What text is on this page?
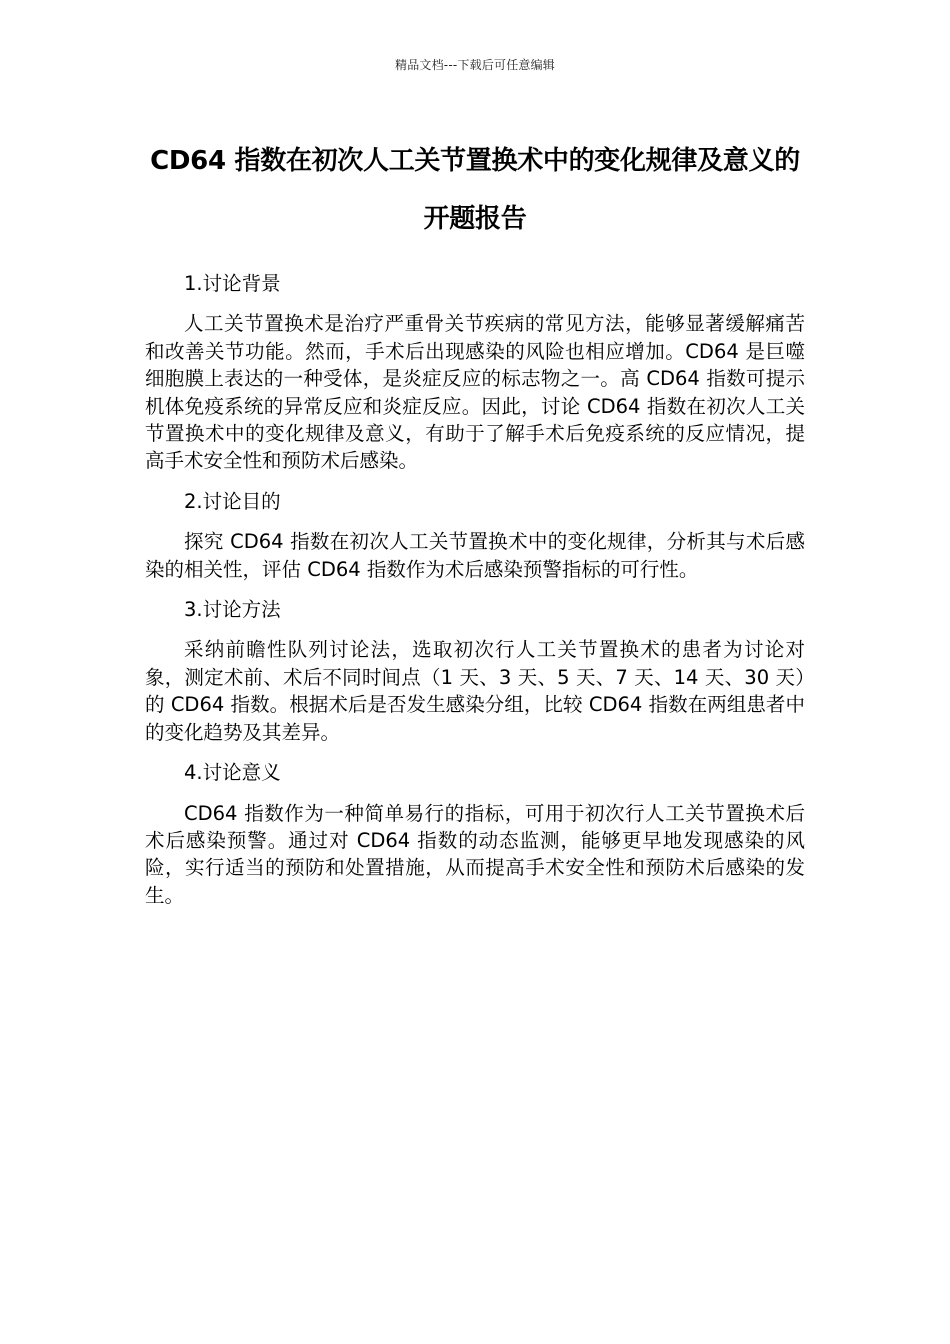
精品文档---下载后可任意编辑
CD64 指数在初次人工关节置换术中的变化规律及意义的开题报告

1.讨论背景

人工关节置换术是治疗严重骨关节疾病的常见方法，能够显著缓解痛苦和改善关节功能。然而，手术后出现感染的风险也相应增加。CD64 是巨噬细胞膜上表达的一种受体，是炎症反应的标志物之一。高 CD64 指数可提示机体免疫系统的异常反应和炎症反应。因此，讨论 CD64 指数在初次人工关节置换术中的变化规律及意义，有助于了解手术后免疫系统的反应情况，提高手术安全性和预防术后感染。

2.讨论目的

探究 CD64 指数在初次人工关节置换术中的变化规律，分析其与术后感染的相关性，评估 CD64 指数作为术后感染预警指标的可行性。

3.讨论方法

采纳前瞻性队列讨论法，选取初次行人工关节置换术的患者为讨论对象，测定术前、术后不同时间点（1 天、3 天、5 天、7 天、14 天、30 天）的 CD64 指数。根据术后是否发生感染分组，比较 CD64 指数在两组患者中的变化趋势及其差异。

4.讨论意义

CD64 指数作为一种简单易行的指标，可用于初次行人工关节置换术后术后感染预警。通过对 CD64 指数的动态监测，能够更早地发现感染的风险，实行适当的预防和处置措施，从而提高手术安全性和预防术后感染的发生。
